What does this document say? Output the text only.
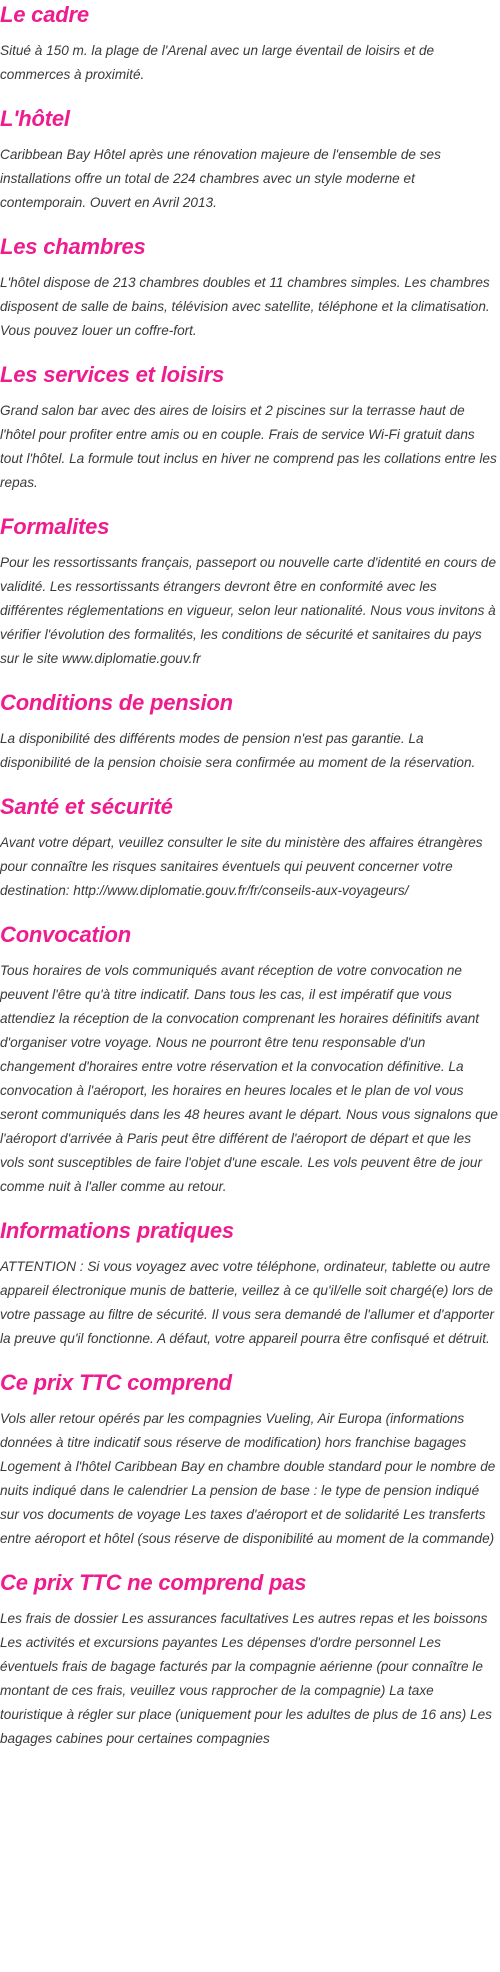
Le cadre

Situé à 150 m. la plage de l'Arenal avec un large éventail de loisirs et de commerces à proximité.

L'hôtel

Caribbean Bay Hôtel après une rénovation majeure de l'ensemble de ses installations offre un total de 224 chambres avec un style moderne et contemporain. Ouvert en Avril 2013.

Les chambres

L'hôtel dispose de 213 chambres doubles et 11 chambres simples. Les chambres disposent de salle de bains, télévision avec satellite, téléphone et la climatisation. Vous pouvez louer un coffre-fort.

Les services et loisirs

Grand salon bar avec des aires de loisirs et 2 piscines sur la terrasse haut de l'hôtel pour profiter entre amis ou en couple. Frais de service Wi-Fi gratuit dans tout l'hôtel. La formule tout inclus en hiver ne comprend pas les collations entre les repas.

Formalites

Pour les ressortissants français, passeport ou nouvelle carte d'identité en cours de validité. Les ressortissants étrangers devront être en conformité avec les différentes réglementations en vigueur, selon leur nationalité. Nous vous invitons à vérifier l'évolution des formalités, les conditions de sécurité et sanitaires du pays sur le site www.diplomatie.gouv.fr

Conditions de pension

La disponibilité des différents modes de pension n'est pas garantie. La disponibilité de la pension choisie sera confirmée au moment de la réservation.

Santé et sécurité

Avant votre départ, veuillez consulter le site du ministère des affaires étrangères pour connaître les risques sanitaires éventuels qui peuvent concerner votre destination: http://www.diplomatie.gouv.fr/fr/conseils-aux-voyageurs/

Convocation

Tous horaires de vols communiqués avant réception de votre convocation ne peuvent l'être qu'à titre indicatif. Dans tous les cas, il est impératif que vous attendiez la réception de la convocation comprenant les horaires définitifs avant d'organiser votre voyage. Nous ne pourront être tenu responsable d'un changement d'horaires entre votre réservation et la convocation définitive. La convocation à l'aéroport, les horaires en heures locales et le plan de vol vous seront communiqués dans les 48 heures avant le départ. Nous vous signalons que l'aéroport d'arrivée à Paris peut être différent de l'aéroport de départ et que les vols sont susceptibles de faire l'objet d'une escale. Les vols peuvent être de jour comme nuit à l'aller comme au retour.

Informations pratiques

ATTENTION : Si vous voyagez avec votre téléphone, ordinateur, tablette ou autre appareil électronique munis de batterie, veillez à ce qu'il/elle soit chargé(e) lors de votre passage au filtre de sécurité. Il vous sera demandé de l'allumer et d'apporter la preuve qu'il fonctionne. A défaut, votre appareil pourra être confisqué et détruit.

Ce prix TTC comprend

Vols aller retour opérés par les compagnies Vueling, Air Europa (informations données à titre indicatif sous réserve de modification) hors franchise bagages Logement à l'hôtel Caribbean Bay en chambre double standard pour le nombre de nuits indiqué dans le calendrier La pension de base : le type de pension indiqué sur vos documents de voyage Les taxes d'aéroport et de solidarité Les transferts entre aéroport et hôtel (sous réserve de disponibilité au moment de la commande)

Ce prix TTC ne comprend pas

Les frais de dossier Les assurances facultatives Les autres repas et les boissons Les activités et excursions payantes Les dépenses d'ordre personnel Les éventuels frais de bagage facturés par la compagnie aérienne (pour connaître le montant de ces frais, veuillez vous rapprocher de la compagnie) La taxe touristique à régler sur place (uniquement pour les adultes de plus de 16 ans) Les bagages cabines pour certaines compagnies
